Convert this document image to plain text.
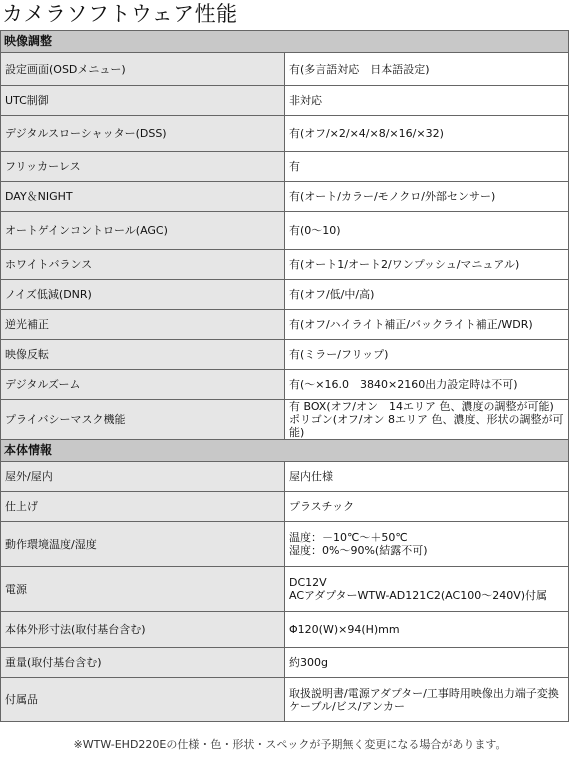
カメラソフトウェア性能
映像調整	
設定画面(OSDメニュー)	有(多言語対応　日本語設定)
UTC制御	非対応
デジタルスローシャッター(DSS)	有(オフ/×2/×4/×8/×16/×32)
フリッカーレス	有
DAY＆NIGHT	有(オート/カラー/モノクロ/外部センサー)
オートゲインコントロール(AGC)	有(0～10)
ホワイトバランス	有(オート1/オート2/ワンプッシュ/マニュアル)
ノイズ低減(DNR)	有(オフ/低/中/高)
逆光補正	有(オフ/ハイライト補正/バックライト補正/WDR)
映像反転	有(ミラー/フリップ)
デジタルズーム	有(～×16.0　3840×2160出力設定時は不可)
プライバシーマスク機能	有 BOX(オフ/オン　14エリア 色、濃度の調整が可能)ポリゴン(オフ/オン 8エリア 色、濃度、形状の調整が可能)
本体情報	
屋外/屋内	屋内仕様
仕上げ	プラスチック
動作環境温度/湿度	温度：－10℃～＋50℃
湿度：0%～90%(結露不可)
電源	DC12V
ACアダプターWTW-AD121C2(AC100～240V)付属
本体外形寸法(取付基台含む)	Φ120(W)×94(H)mm
重量(取付基台含む)	約300g
付属品	取扱説明書/電源アダプター/工事時用映像出力端子変換ケーブル/ビス/アンカー
※WTW-EHD220Eの仕様・色・形状・スペックが予期無く変更になる場合があります。
